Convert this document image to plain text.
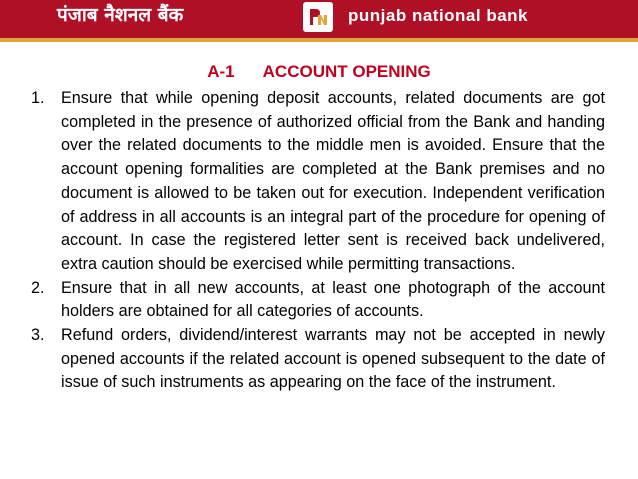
पंजाब नैशनल बैंक	punjab national bank
A-1 ACCOUNT OPENING
1. Ensure that while opening deposit accounts, related documents are got completed in the presence of authorized official from the Bank and handing over the related documents to the middle men is avoided. Ensure that the account opening formalities are completed at the Bank premises and no document is allowed to be taken out for execution. Independent verification of address in all accounts is an integral part of the procedure for opening of account. In case the registered letter sent is received back undelivered, extra caution should be exercised while permitting transactions.
2. Ensure that in all new accounts, at least one photograph of the account holders are obtained for all categories of accounts.
3. Refund orders, dividend/interest warrants may not be accepted in newly opened accounts if the related account is opened subsequent to the date of issue of such instruments as appearing on the face of the instrument.
